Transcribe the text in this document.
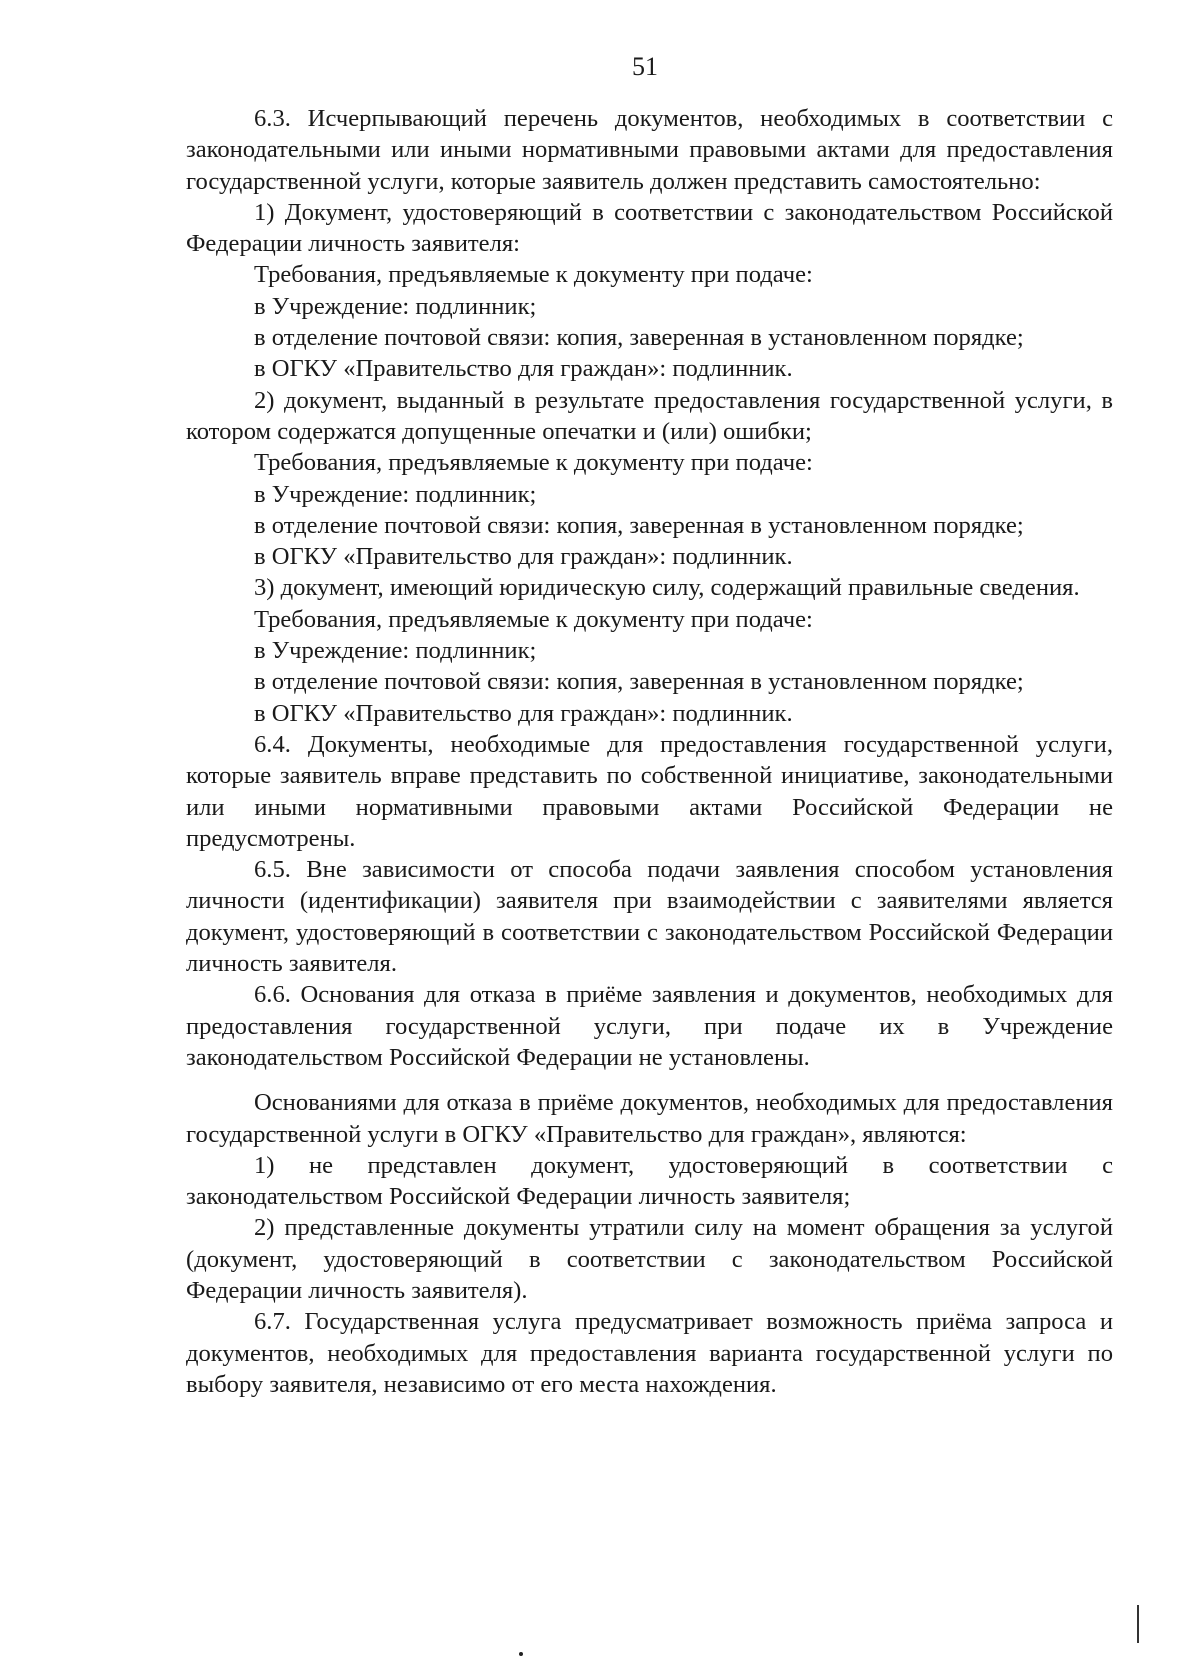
51

6.3. Исчерпывающий перечень документов, необходимых в соответствии с законодательными или иными нормативными правовыми актами для предоставления государственной услуги, которые заявитель должен представить самостоятельно:

1) Документ, удостоверяющий в соответствии с законодательством Российской Федерации личность заявителя:

Требования, предъявляемые к документу при подаче:

в Учреждение: подлинник;

в отделение почтовой связи: копия, заверенная в установленном порядке;

в ОГКУ «Правительство для граждан»: подлинник.

2) документ, выданный в результате предоставления государственной услуги, в котором содержатся допущенные опечатки и (или) ошибки;

Требования, предъявляемые к документу при подаче:

в Учреждение: подлинник;

в отделение почтовой связи: копия, заверенная в установленном порядке;

в ОГКУ «Правительство для граждан»: подлинник.

3) документ, имеющий юридическую силу, содержащий правильные сведения.

Требования, предъявляемые к документу при подаче:

в Учреждение: подлинник;

в отделение почтовой связи: копия, заверенная в установленном порядке;

в ОГКУ «Правительство для граждан»: подлинник.

6.4. Документы, необходимые для предоставления государственной услуги, которые заявитель вправе представить по собственной инициативе, законодательными или иными нормативными правовыми актами Российской Федерации не предусмотрены.

6.5. Вне зависимости от способа подачи заявления способом установления личности (идентификации) заявителя при взаимодействии с заявителями является документ, удостоверяющий в соответствии с законодательством Российской Федерации личность заявителя.

6.6. Основания для отказа в приёме заявления и документов, необходимых для предоставления государственной услуги, при подаче их в Учреждение законодательством Российской Федерации не установлены.

Основаниями для отказа в приёме документов, необходимых для предоставления государственной услуги в ОГКУ «Правительство для граждан», являются:

1) не представлен документ, удостоверяющий в соответствии с законодательством Российской Федерации личность заявителя;

2) представленные документы утратили силу на момент обращения за услугой (документ, удостоверяющий в соответствии с законодательством Российской Федерации личность заявителя).

6.7. Государственная услуга предусматривает возможность приёма запроса и документов, необходимых для предоставления варианта государственной услуги по выбору заявителя, независимо от его места нахождения.
